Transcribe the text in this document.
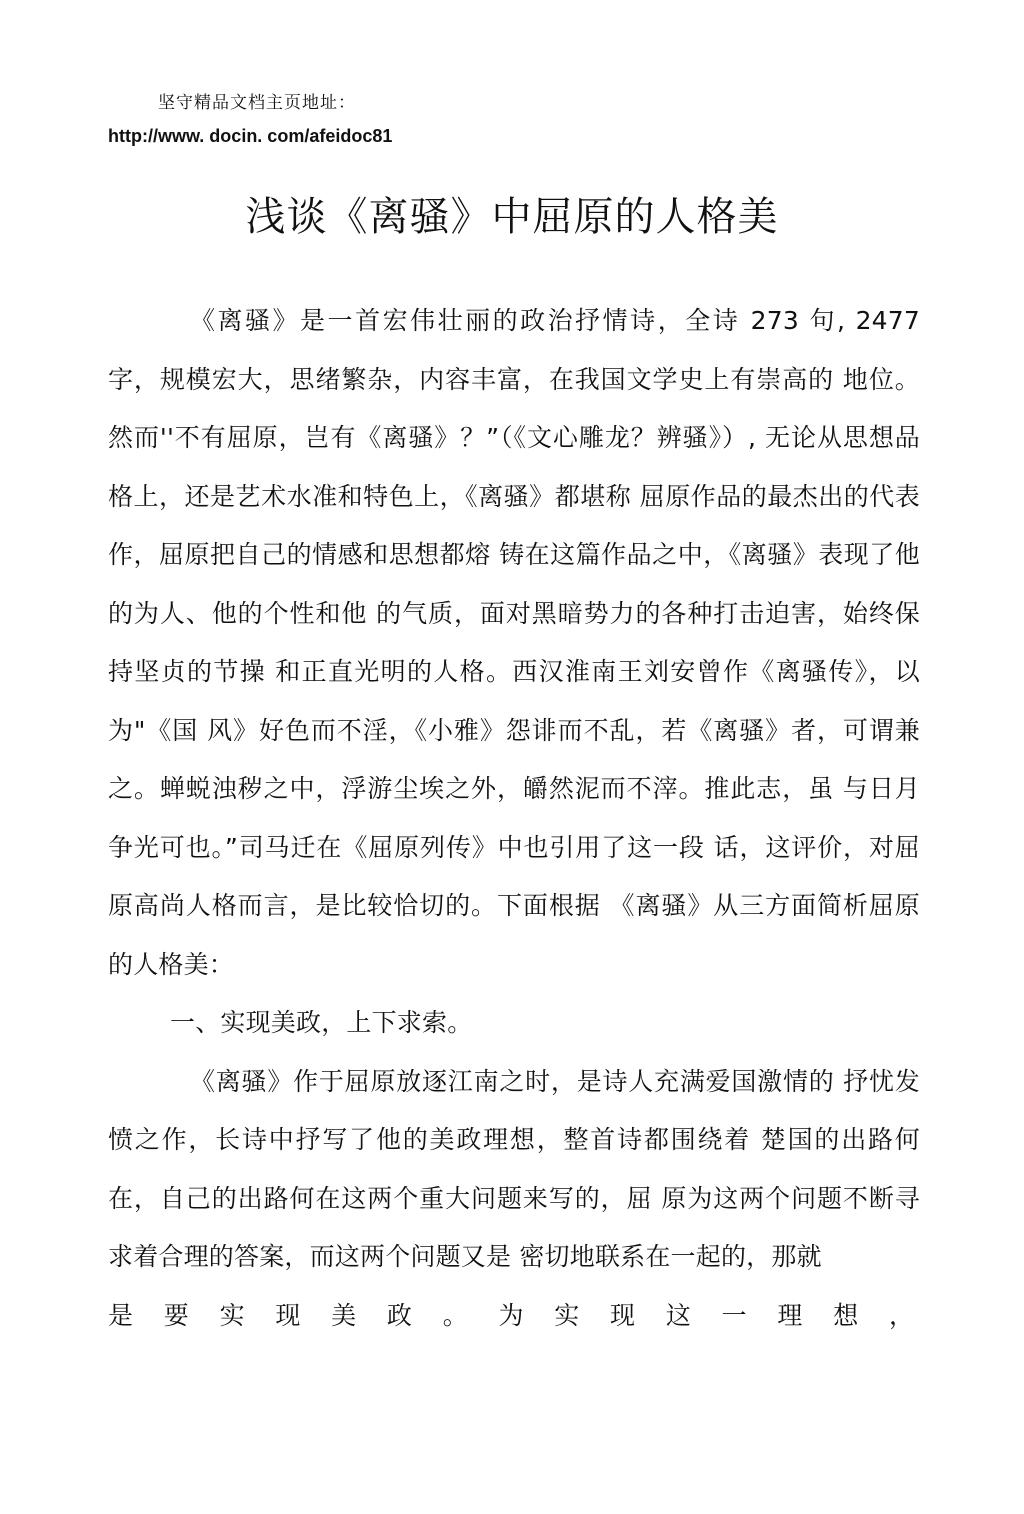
坚守精品文档主页地址：
http://www. docin. com/afeidoc81
浅谈《离骚》中屈原的人格美

《离骚》是一首宏伟壮丽的政治抒情诗，全诗 273 句, 2477 字，规模宏大，思绪繁杂，内容丰富，在我国文学史上有崇高的 地位。然而''不有屈原，岂有《离骚》？”（《文心雕龙？辨骚》）, 无论从思想品格上，还是艺术水准和特色上，《离骚》都堪称 屈原作品的最杰出的代表作，屈原把自己的情感和思想都熔 铸在这篇作品之中，《离骚》表现了他的为人、他的个性和他 的气质，面对黑暗势力的各种打击迫害，始终保持坚贞的节操 和正直光明的人格。西汉淮南王刘安曾作《离骚传》，以为"《国 风》好色而不淫，《小雅》怨诽而不乱，若《离骚》者，可谓兼 之。蝉蜕浊秽之中，浮游尘埃之外，皭然泥而不滓。推此志，虽 与日月争光可也。”司马迁在《屈原列传》中也引用了这一段 话，这评价，对屈原高尚人格而言，是比较恰切的。下面根据 《离骚》从三方面简析屈原的人格美：

一、实现美政，上下求索。

《离骚》作于屈原放逐江南之时，是诗人充满爱国激情的 抒忧发愤之作，长诗中抒写了他的美政理想，整首诗都围绕着 楚国的出路何在，自己的出路何在这两个重大问题来写的，屈 原为这两个问题不断寻求着合理的答案，而这两个问题又是 密切地联系在一起的，那就

是要实现美政。为实现这一理想，
